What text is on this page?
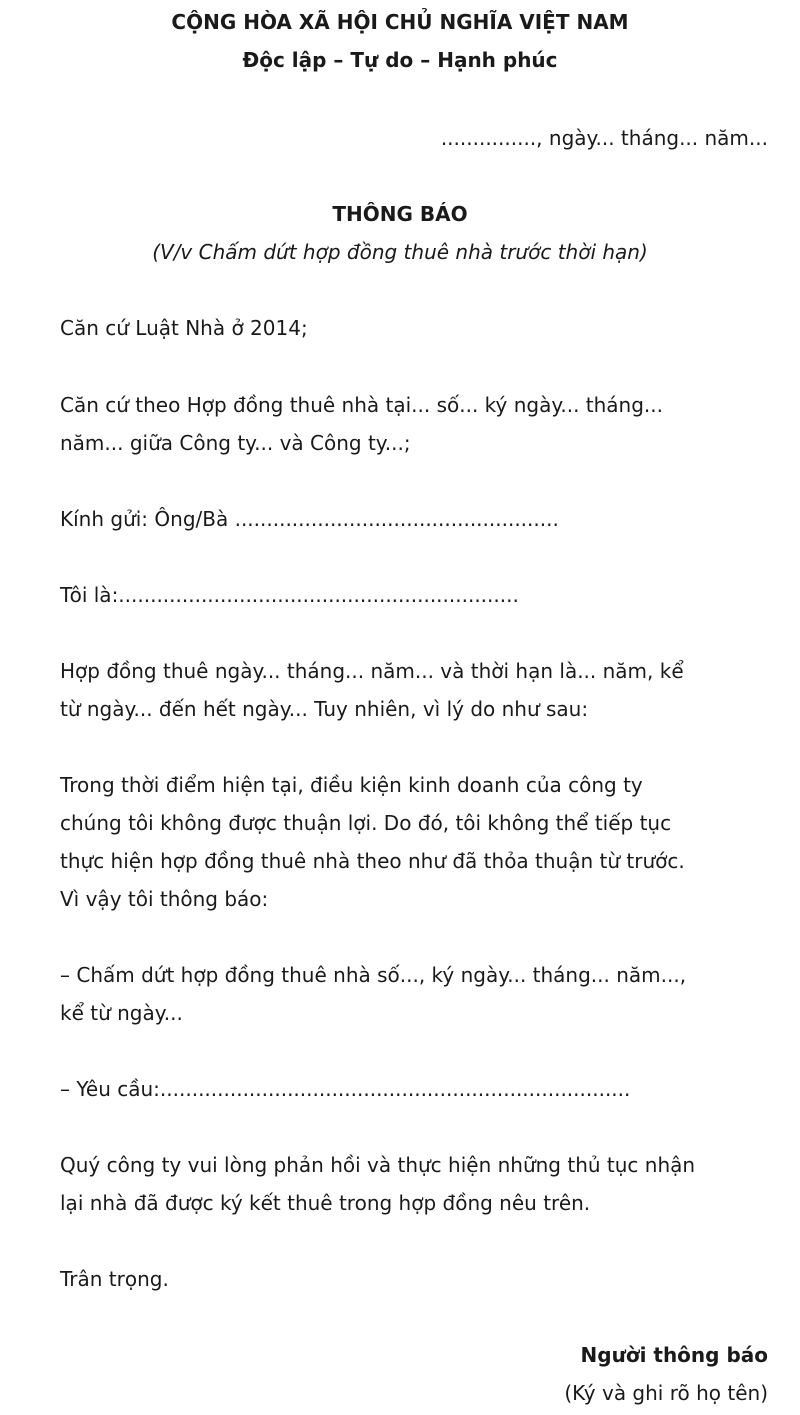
CỘNG HÒA XÃ HỘI CHỦ NGHĨA VIỆT NAM
Độc lập – Tự do – Hạnh phúc
..............., ngày... tháng... năm...
THÔNG BÁO
(V/v Chấm dứt hợp đồng thuê nhà trước thời hạn)
Căn cứ Luật Nhà ở 2014;
Căn cứ theo Hợp đồng thuê nhà tại... số... ký ngày... tháng...
năm... giữa Công ty... và Công ty...;
Kính gửi: Ông/Bà ...................................................
Tôi là:...............................................................
Hợp đồng thuê ngày... tháng... năm... và thời hạn là... năm, kể
từ ngày... đến hết ngày... Tuy nhiên, vì lý do như sau:
Trong thời điểm hiện tại, điều kiện kinh doanh của công ty
chúng tôi không được thuận lợi. Do đó, tôi không thể tiếp tục
thực hiện hợp đồng thuê nhà theo như đã thỏa thuận từ trước.
Vì vậy tôi thông báo:
– Chấm dứt hợp đồng thuê nhà số..., ký ngày... tháng... năm...,
kể từ ngày...
– Yêu cầu:..........................................................................
Quý công ty vui lòng phản hồi và thực hiện những thủ tục nhận
lại nhà đã được ký kết thuê trong hợp đồng nêu trên.
Trân trọng.
Người thông báo
(Ký và ghi rõ họ tên)
